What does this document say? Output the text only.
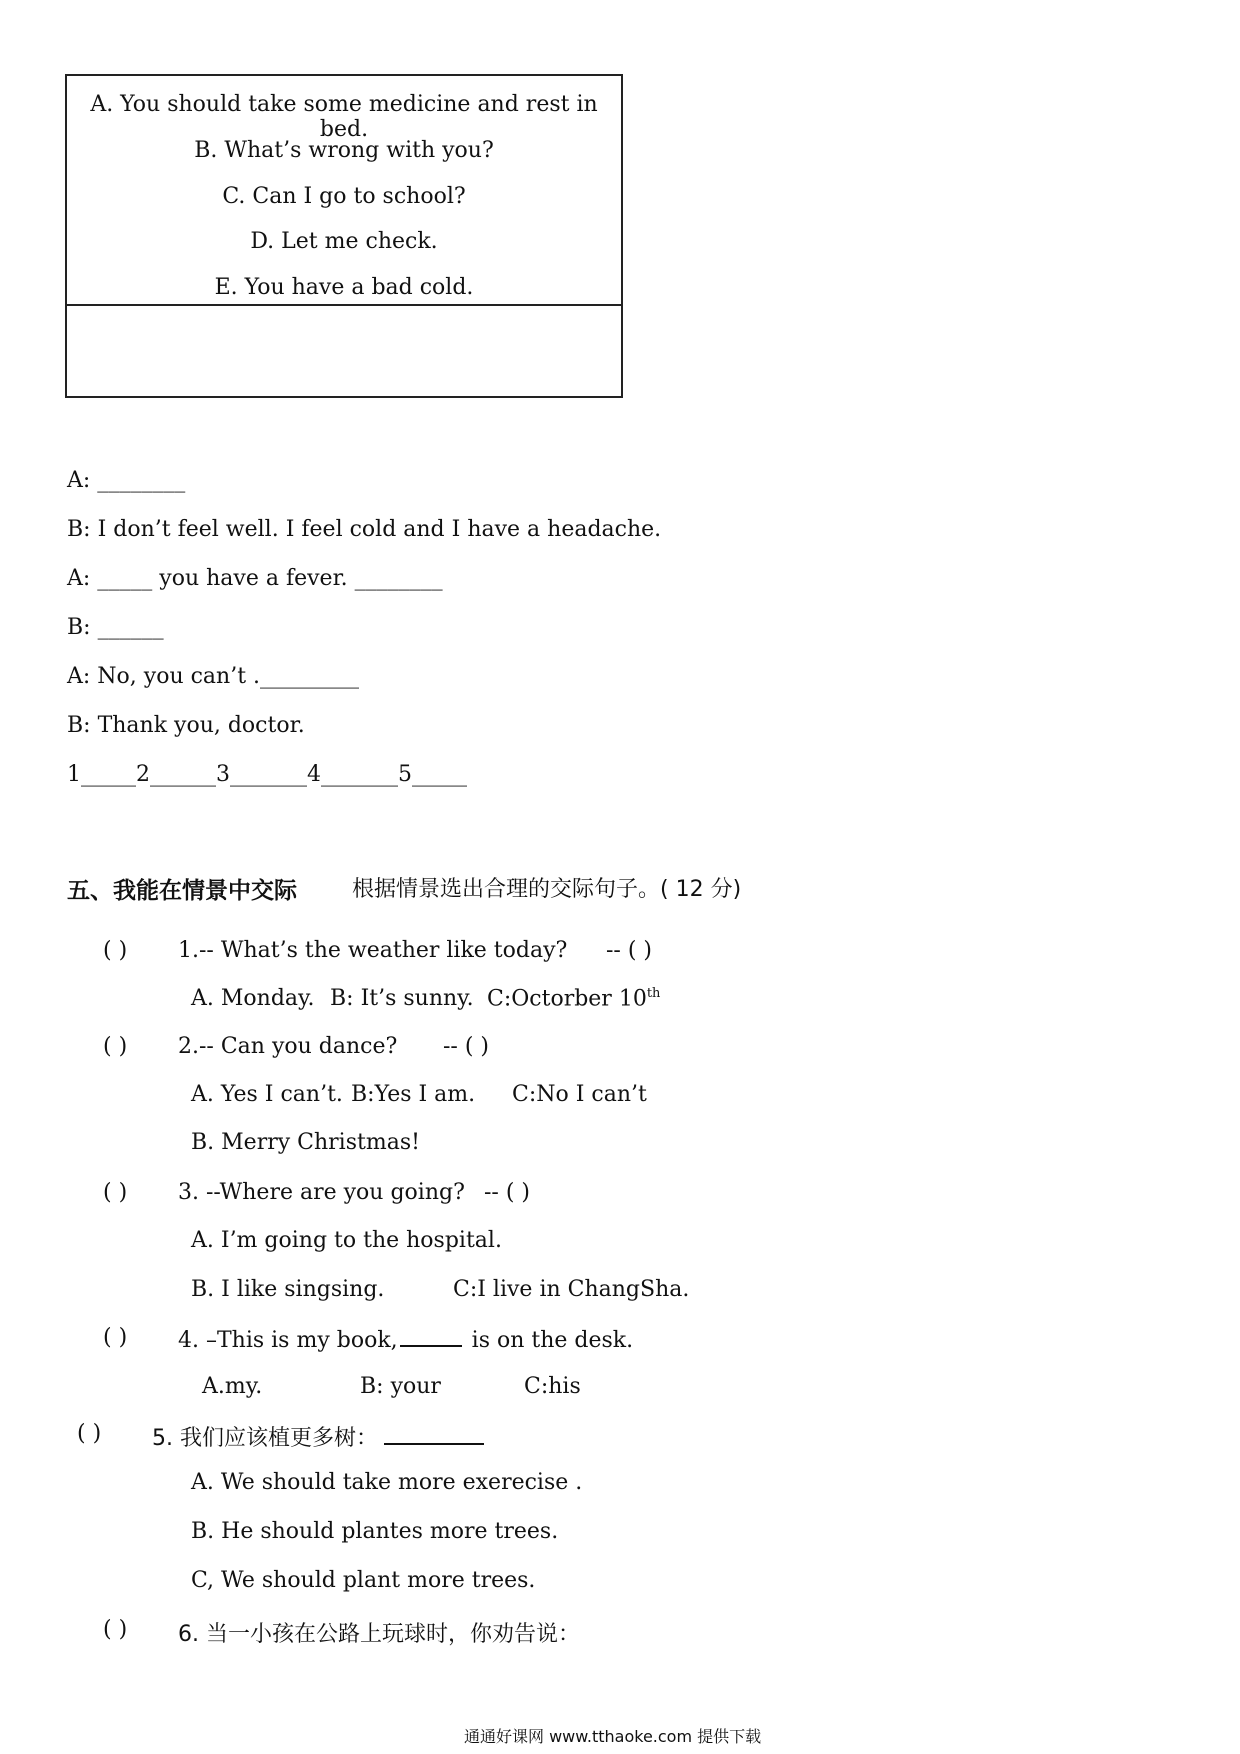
A. You should take some medicine and rest in bed.
B. What’s wrong with you?
C. Can I go to school?
D. Let me check.
E. You have a bad cold.
A: ________
B: I don’t feel well. I feel cold and I have a headache.
A: _____ you have a fever. ________
B: ______
A: No, you can’t ._________
B: Thank you, doctor.
1_____2______3_______4_______5_____
五、我能在情景中交际	根据情景选出合理的交际句子。( 12 分)
( ) 1.-- What’s the weather like today? -- ( )
A. Monday. B: It’s sunny. C:Octorber 10th
( ) 2.-- Can you dance? -- ( )
A. Yes I can’t. B:Yes I am. C:No I can’t
B. Merry Christmas!
( ) 3. --Where are you going? -- ( )
A. I’m going to the hospital.
B. I like singsing.	C:I live in ChangSha.
( ) 4. –This is my book,	is on the desk.
A.my.	B: your	C:his
( ) 5. 我们应该植更多树：
A. We should take more exerecise .
B. He should plantes more trees.
C, We should plant more trees.
( ) 6. 当一小孩在公路上玩球时，你劝告说：
通通好课网 www.tthaoke.com 提供下载
